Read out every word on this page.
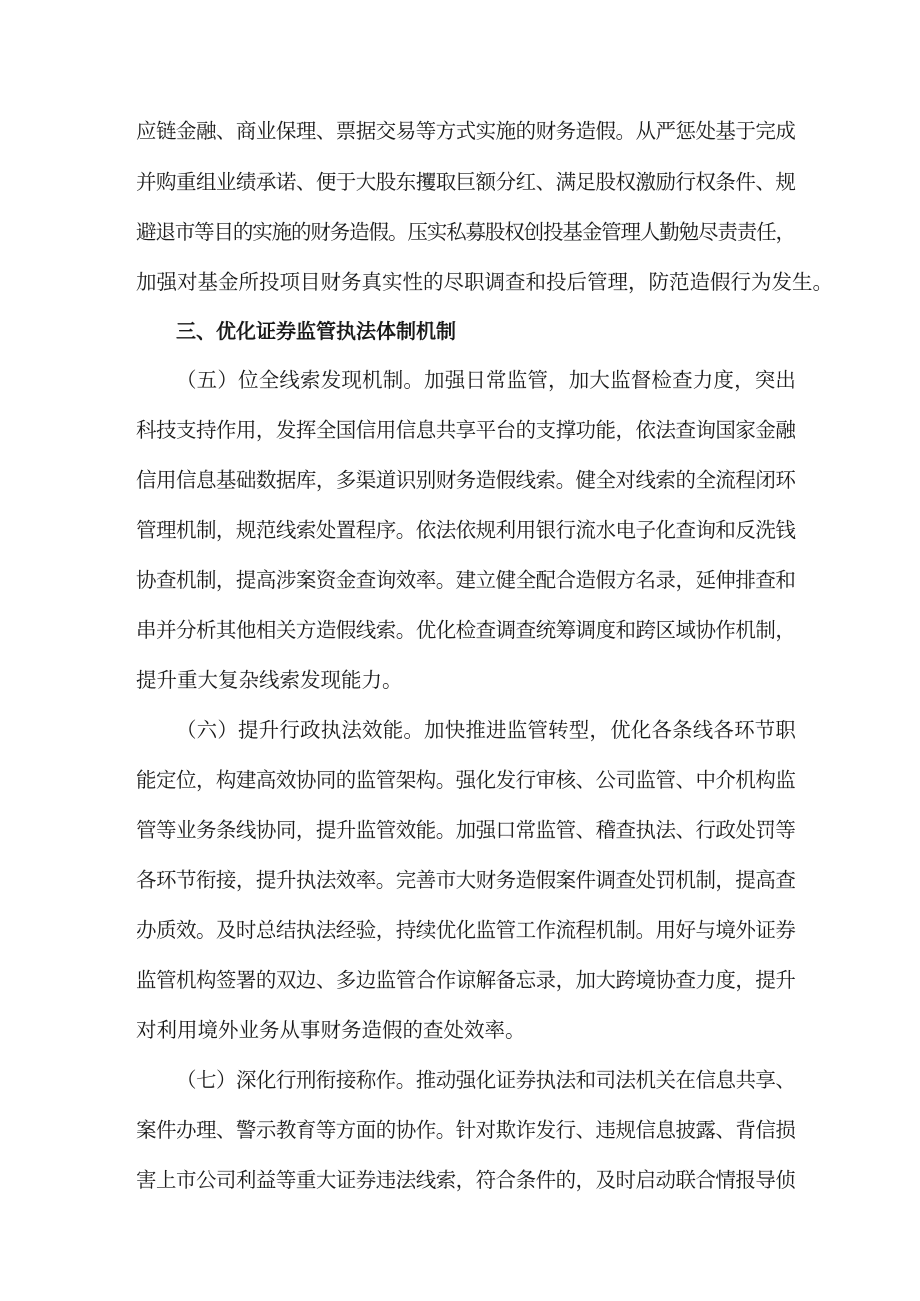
应链金融、商业保理、票据交易等方式实施的财务造假。从严惩处基于完成
并购重组业绩承诺、便于大股东攫取巨额分红、满足股权激励行权条件、规
避退市等目的实施的财务造假。压实私募股权创投基金管理人勤勉尽责责任，
加强对基金所投项目财务真实性的尽职调查和投后管理，防范造假行为发生。
三、优化证券监管执法体制机制
（五）位全线索发现机制。加强日常监管，加大监督检查力度，突出
科技支持作用，发挥全国信用信息共享平台的支撑功能，依法查询国家金融
信用信息基础数据库，多渠道识别财务造假线索。健全对线索的全流程闭环
管理机制，规范线索处置程序。依法依规利用银行流水电子化查询和反洗钱
协查机制，提高涉案资金查询效率。建立健全配合造假方名录，延伸排查和
串并分析其他相关方造假线索。优化检查调查统筹调度和跨区域协作机制，
提升重大复杂线索发现能力。
（六）提升行政执法效能。加快推进监管转型，优化各条线各环节职
能定位，构建高效协同的监管架构。强化发行审核、公司监管、中介机构监
管等业务条线协同，提升监管效能。加强口常监管、稽查执法、行政处罚等
各环节衔接，提升执法效率。完善市大财务造假案件调查处罚机制，提高查
办质效。及时总结执法经验，持续优化监管工作流程机制。用好与境外证券
监管机构签署的双边、多边监管合作谅解备忘录，加大跨境协查力度，提升
对利用境外业务从事财务造假的查处效率。
（七）深化行刑衔接称作。推动强化证券执法和司法机关在信息共享、
案件办理、警示教育等方面的协作。针对欺诈发行、违规信息披露、背信损
害上市公司利益等重大证券违法线索，符合条件的，及时启动联合情报导侦
